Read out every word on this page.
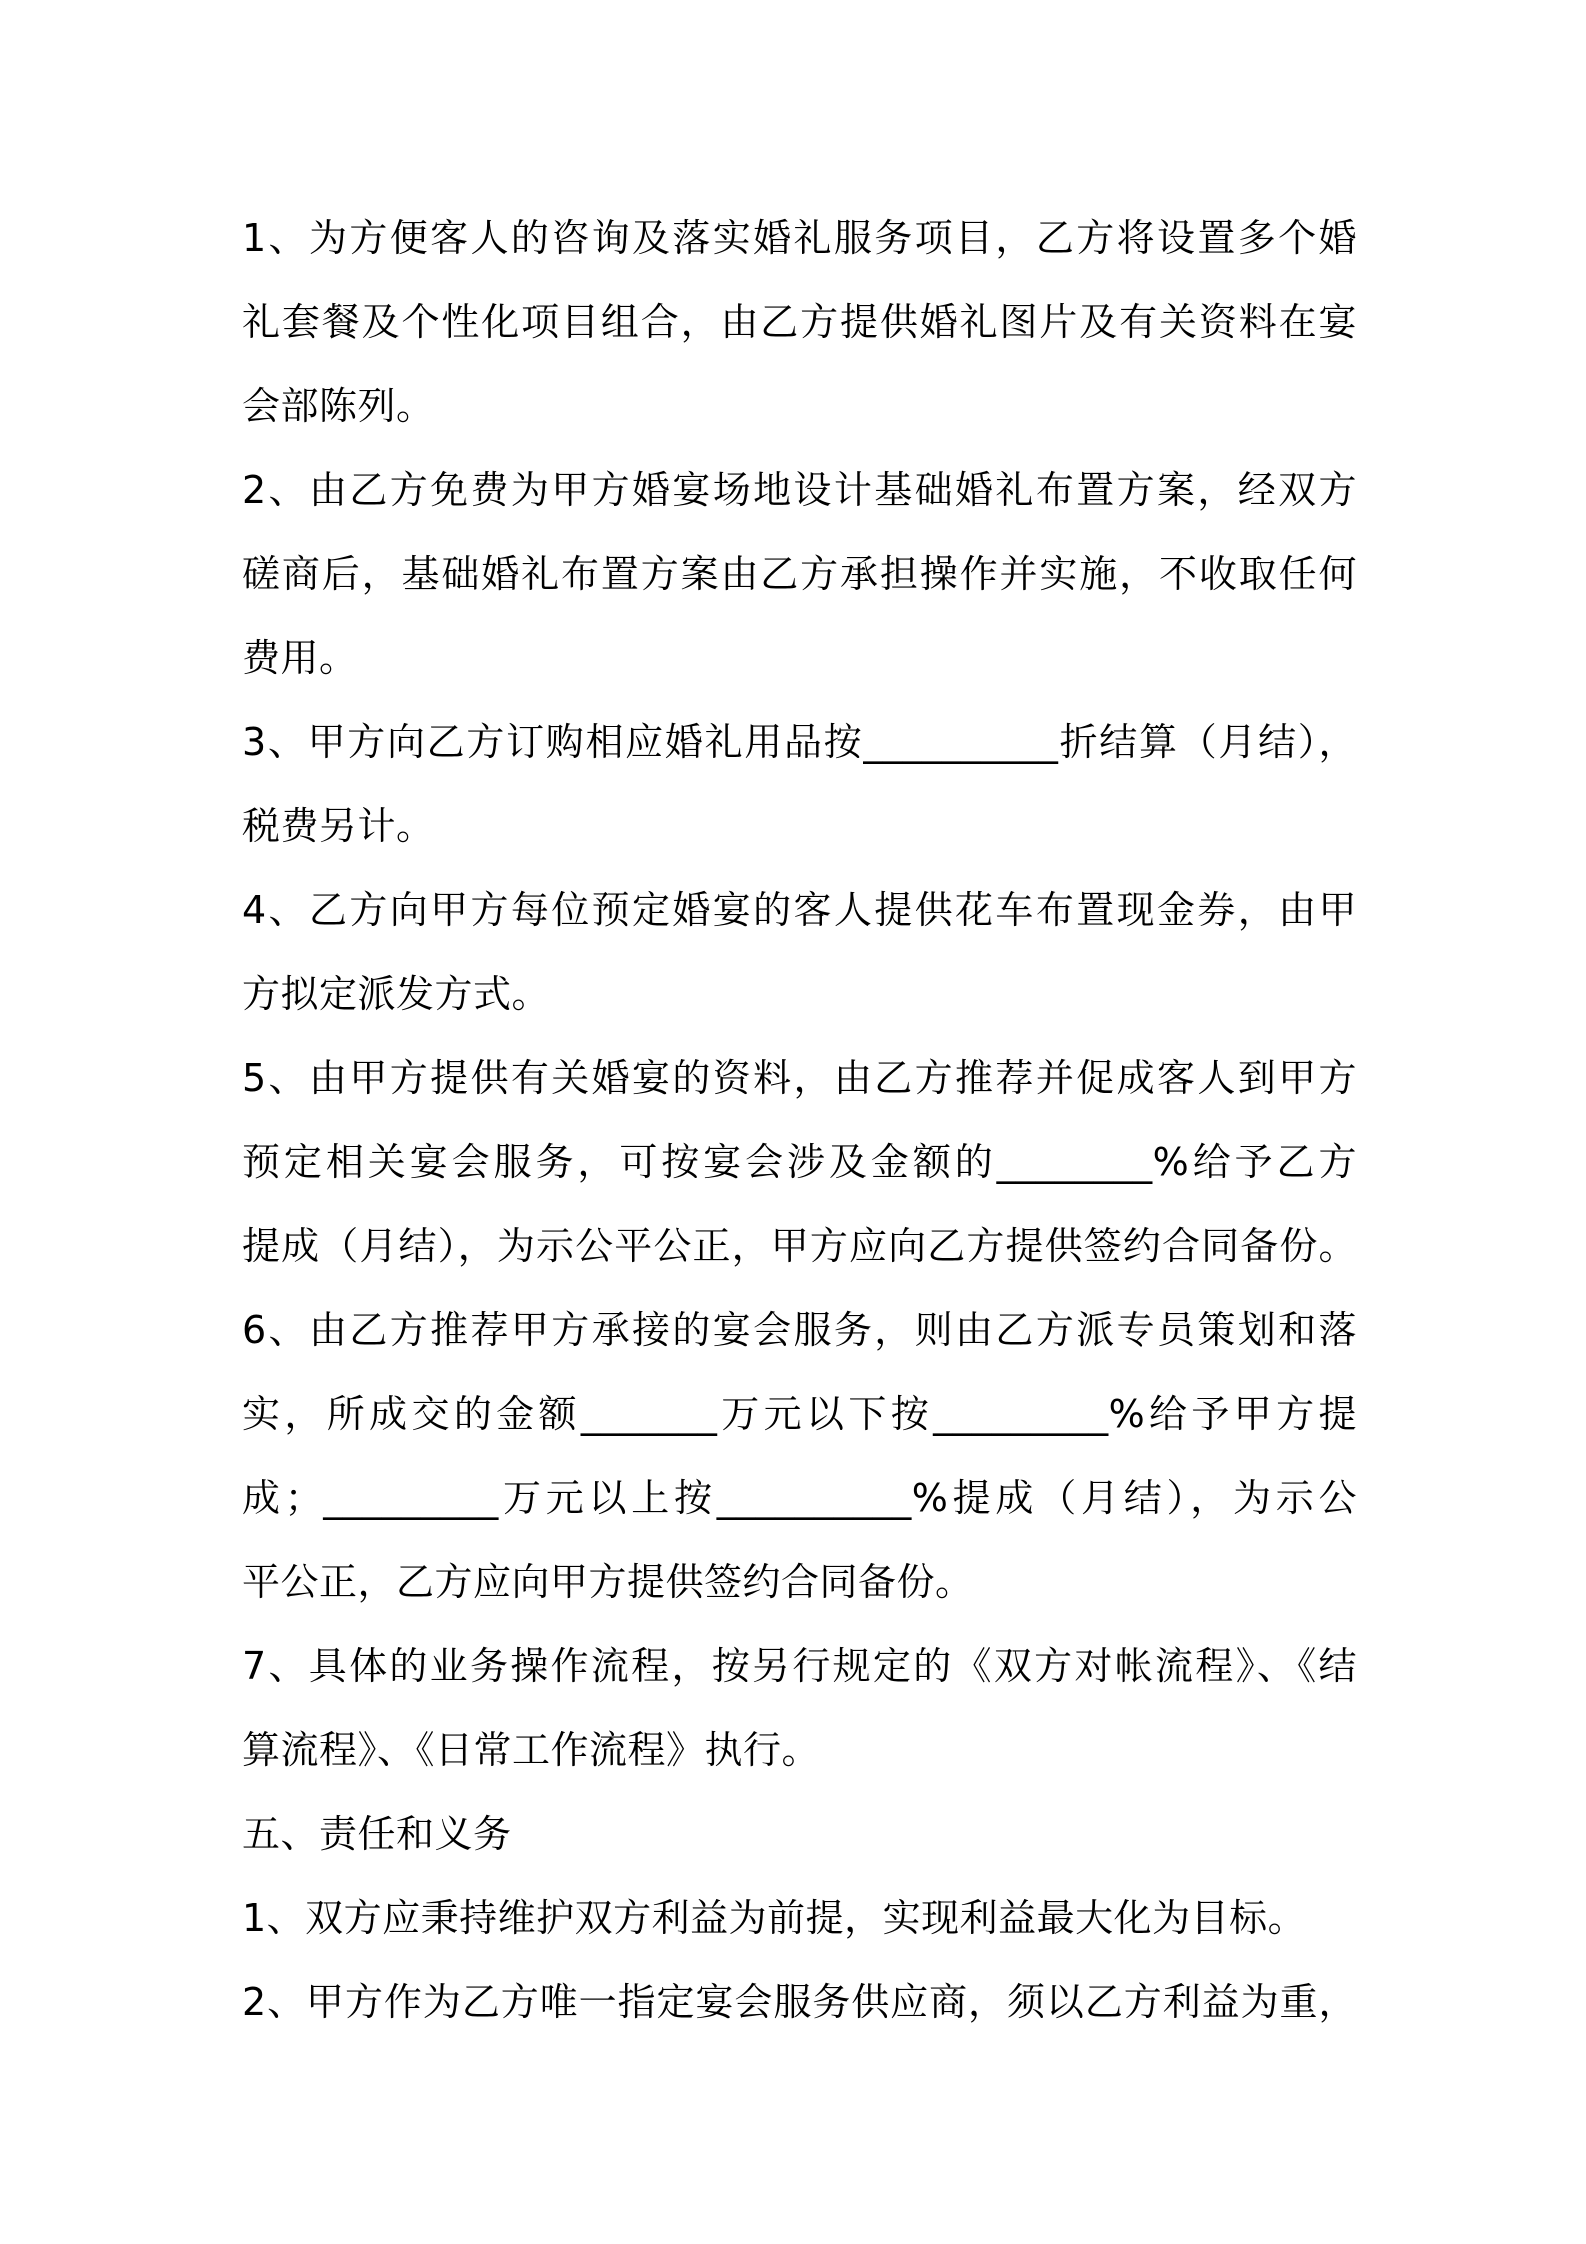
1、为方便客人的咨询及落实婚礼服务项目，乙方将设置多个婚
礼套餐及个性化项目组合，由乙方提供婚礼图片及有关资料在宴
会部陈列。
2、由乙方免费为甲方婚宴场地设计基础婚礼布置方案，经双方
磋商后，基础婚礼布置方案由乙方承担操作并实施，不收取任何
费用。
3、甲方向乙方订购相应婚礼用品按__________折结算（月结），
税费另计。
4、乙方向甲方每位预定婚宴的客人提供花车布置现金券，由甲
方拟定派发方式。
5、由甲方提供有关婚宴的资料，由乙方推荐并促成客人到甲方
预定相关宴会服务，可按宴会涉及金额的________%给予乙方
提成（月结），为示公平公正，甲方应向乙方提供签约合同备份。
6、由乙方推荐甲方承接的宴会服务，则由乙方派专员策划和落
实，所成交的金额_______万元以下按_________%给予甲方提
成；_________万元以上按__________%提成（月结），为示公
平公正，乙方应向甲方提供签约合同备份。
7、具体的业务操作流程，按另行规定的《双方对帐流程》、《结
算流程》、《日常工作流程》执行。
五、责任和义务
1、双方应秉持维护双方利益为前提，实现利益最大化为目标。
2、甲方作为乙方唯一指定宴会服务供应商，须以乙方利益为重，
